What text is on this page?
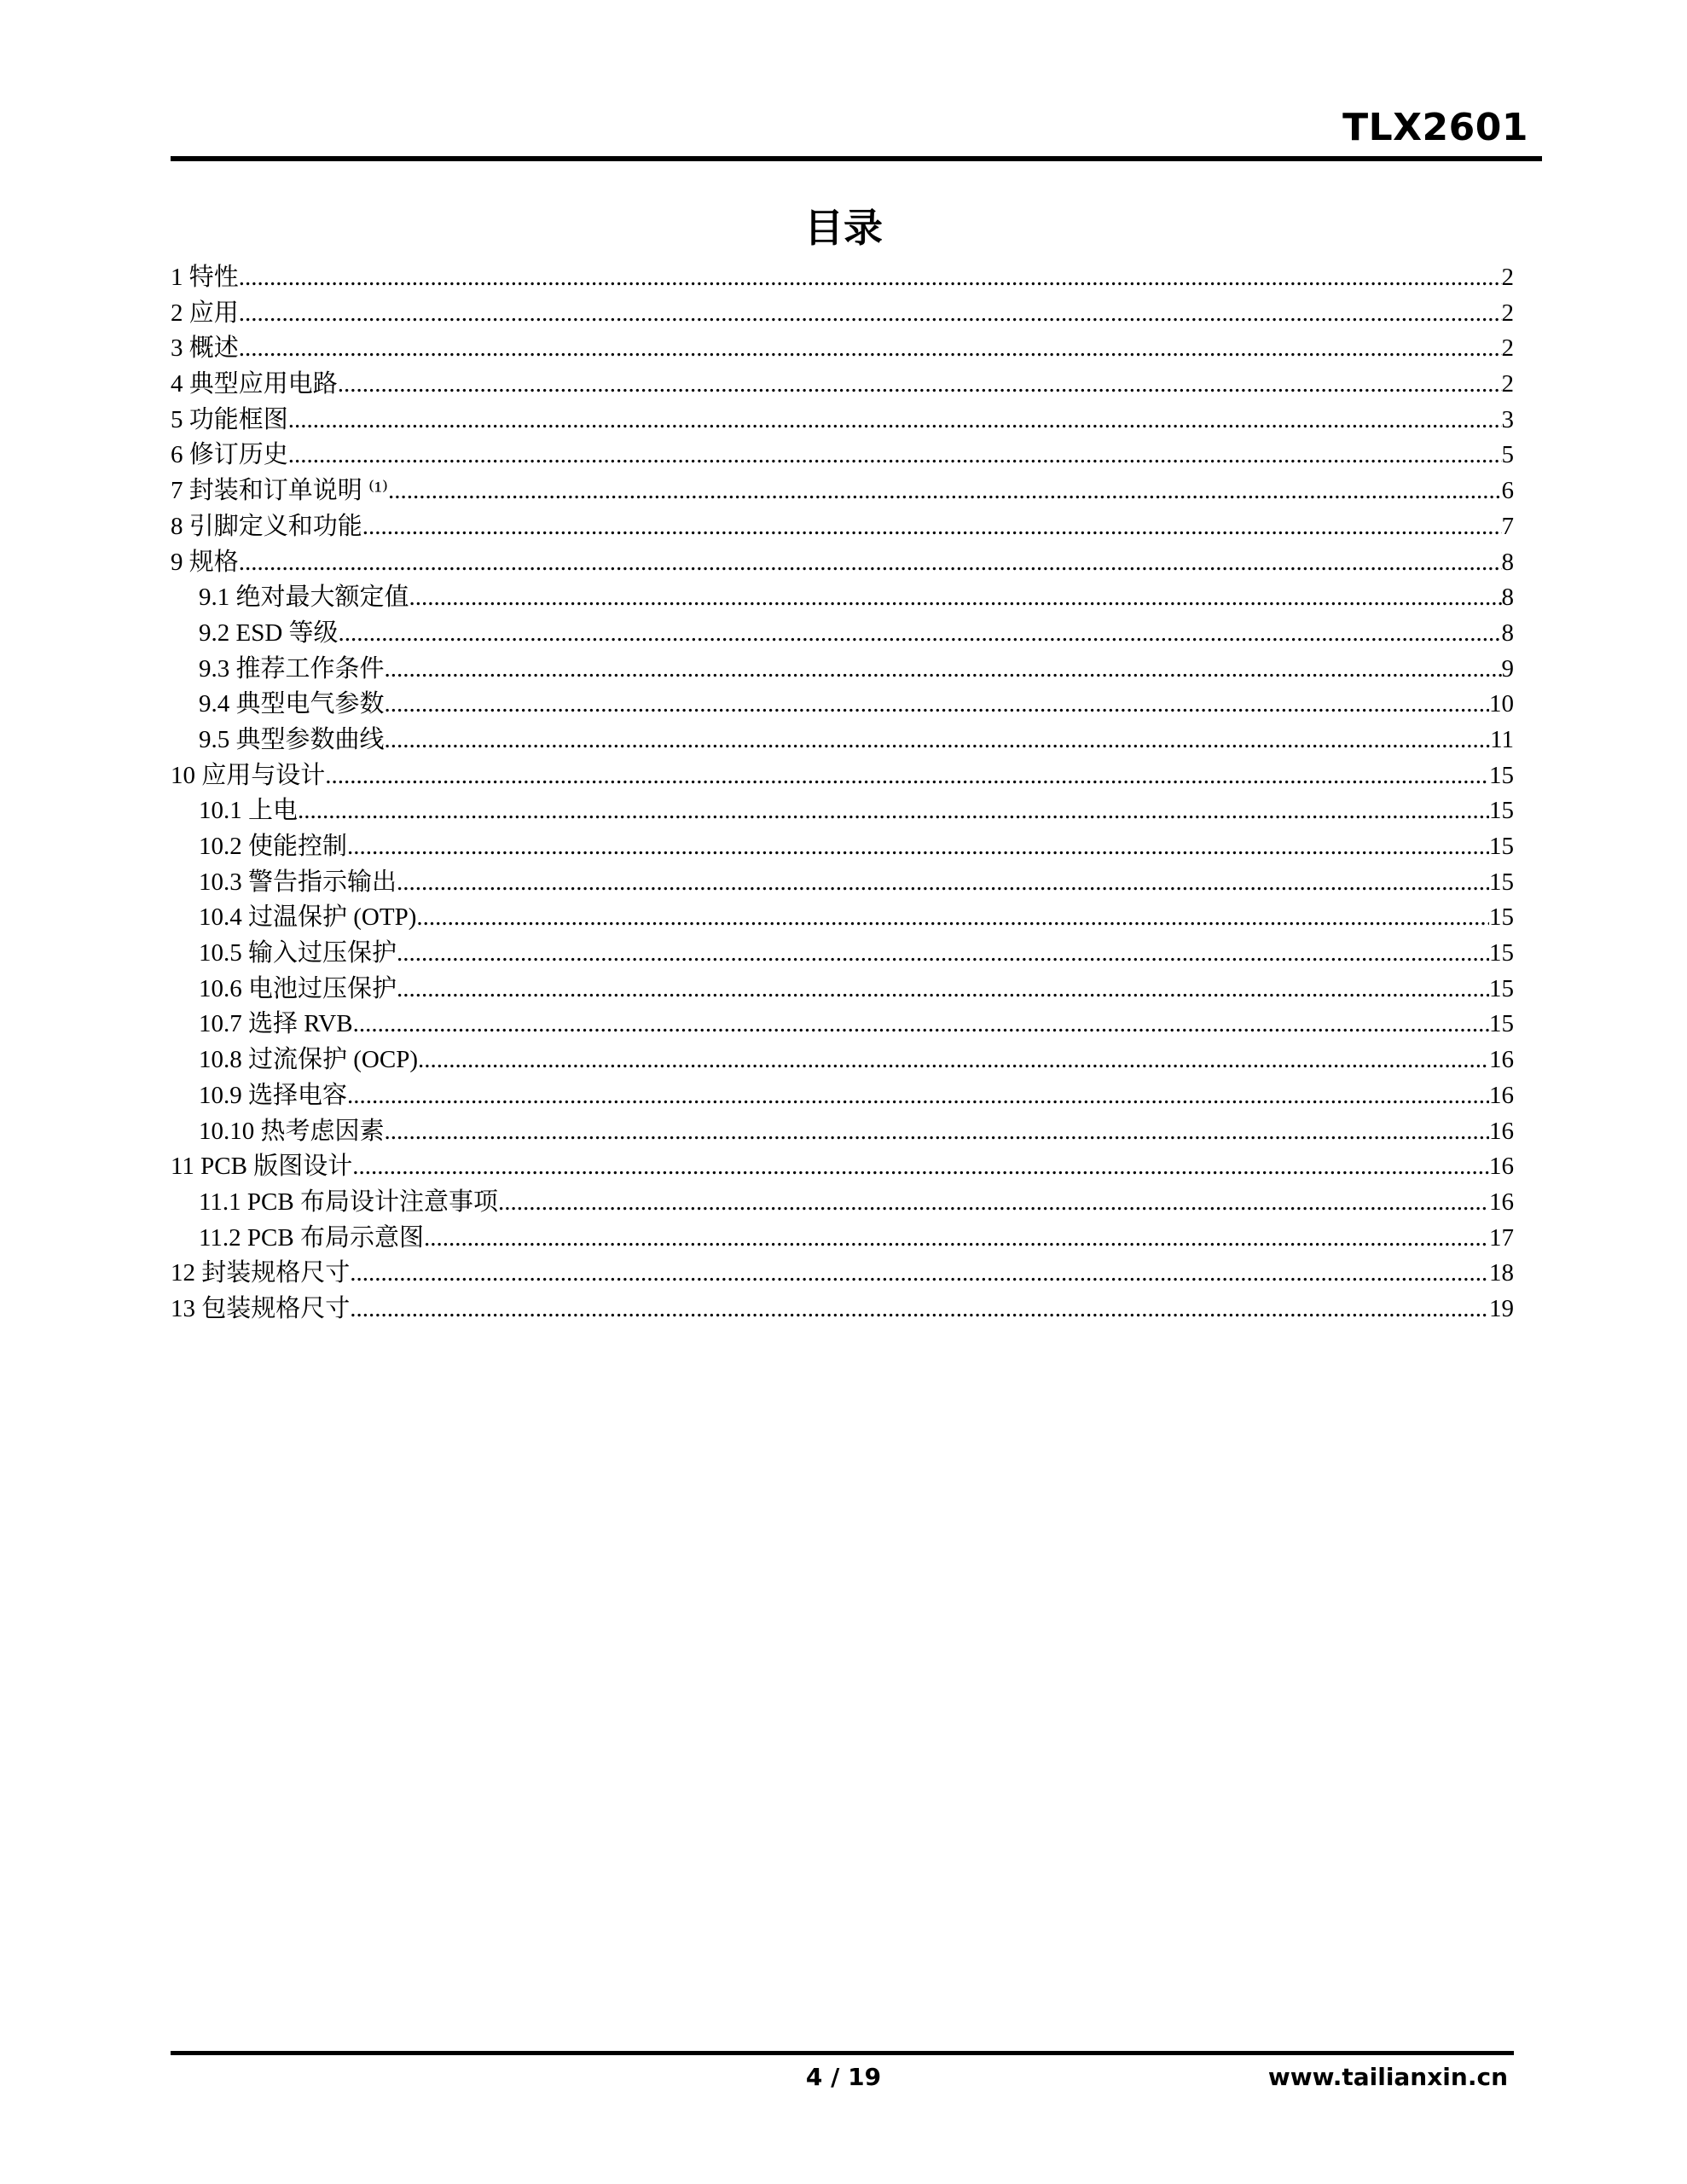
TLX2601
目录
1 特性 .....	2
2 应用 .....	2
3 概述 .....	2
4 典型应用电路 .....	2
5 功能框图 .....	3
6 修订历史 .....	5
7 封装和订单说明 ⁽¹⁾ .....	6
8 引脚定义和功能 .....	7
9 规格 .....	8
9.1 绝对最大额定值 .....	8
9.2 ESD 等级 .....	8
9.3 推荐工作条件 .....	9
9.4 典型电气参数 .....	10
9.5 典型参数曲线 .....	11
10 应用与设计 .....	15
10.1 上电 .....	15
10.2 使能控制 .....	15
10.3 警告指示输出 .....	15
10.4 过温保护 (OTP) .....	15
10.5 输入过压保护 .....	15
10.6 电池过压保护 .....	15
10.7 选择 RVB .....	15
10.8 过流保护 (OCP) .....	16
10.9 选择电容 .....	16
10.10 热考虑因素 .....	16
11 PCB 版图设计 .....	16
11.1 PCB 布局设计注意事项 .....	16
11.2 PCB 布局示意图 .....	17
12 封装规格尺寸 .....	18
13 包装规格尺寸 .....	19
4 / 19	www.tailianxin.cn
